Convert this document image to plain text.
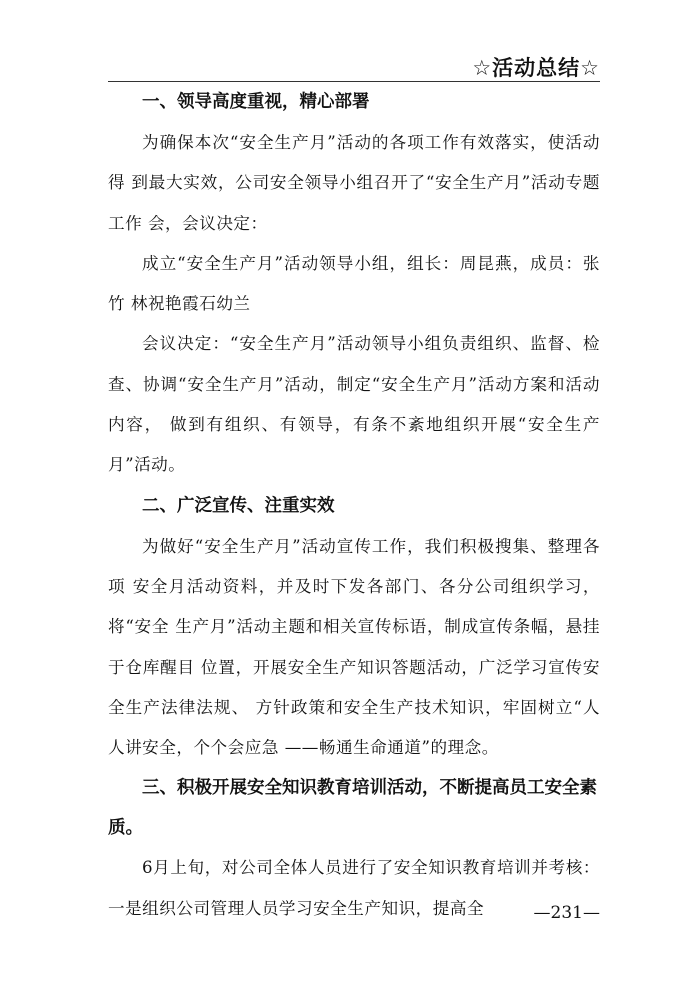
☆活动总结☆

一、领导高度重视，精心部署

为确保本次“安全生产月”活动的各项工作有效落实，使活动得 到最大实效，公司安全领导小组召开了“安全生产月”活动专题工作 会，会议决定：

成立“安全生产月”活动领导小组，组长：周昆燕，成员：张竹 林祝艳霞石幼兰

会议决定：“安全生产月”活动领导小组负责组织、监督、检查、协调“安全生产月”活动，制定“安全生产月”活动方案和活动内容， 做到有组织、有领导，有条不紊地组织开展“安全生产月”活动。

二、广泛宣传、注重实效

为做好“安全生产月”活动宣传工作，我们积极搜集、整理各项 安全月活动资料，并及时下发各部门、各分公司组织学习，将“安全 生产月”活动主题和相关宣传标语，制成宣传条幅，悬挂于仓库醒目 位置，开展安全生产知识答题活动，广泛学习宣传安全生产法律法规、 方针政策和安全生产技术知识，牢固树立“人人讲安全，个个会应急 ——畅通生命通道”的理念。

三、积极开展安全知识教育培训活动，不断提高员工安全素质。

6月上旬，对公司全体人员进行了安全知识教育培训并考核：一是组织公司管理人员学习安全生产知识，提高全	—231—
